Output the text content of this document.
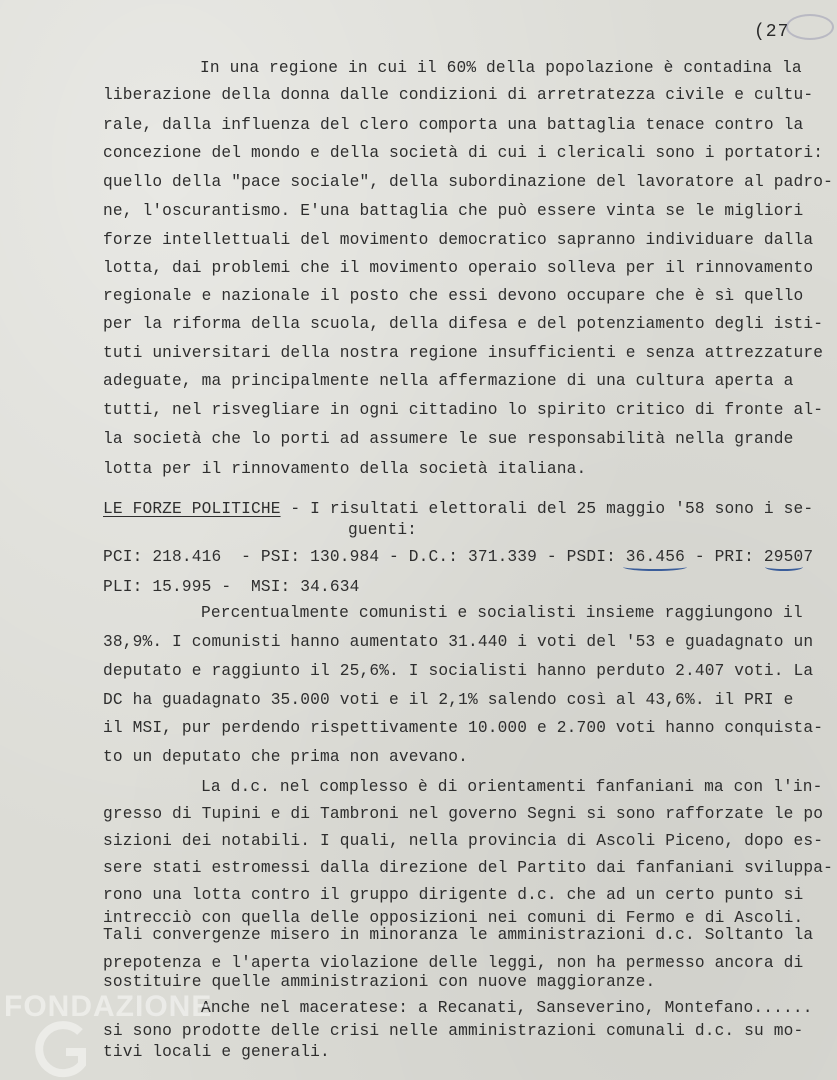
(27
In una regione in cui il 60% della popolazione è contadina la
liberazione della donna dalle condizioni di arretratezza civile e cultu-
rale, dalla influenza del clero comporta una battaglia tenace contro la
concezione del mondo e della società di cui i clericali sono i portatori:
quello della "pace sociale", della subordinazione del lavoratore al padro-
ne, l'oscurantismo. E'una battaglia che può essere vinta se le migliori
forze intellettuali del movimento democratico sapranno individuare dalla
lotta, dai problemi che il movimento operaio solleva per il rinnovamento
regionale e nazionale il posto che essi devono occupare che è sì quello
per la riforma della scuola, della difesa e del potenziamento degli isti-
tuti universitari della nostra regione insufficienti e senza attrezzature
adeguate, ma principalmente nella affermazione di una cultura aperta a
tutti, nel risvegliare in ogni cittadino lo spirito critico di fronte al-
la società che lo porti ad assumere le sue responsabilità nella grande
lotta per il rinnovamento della società italiana.
LE FORZE POLITICHE - I risultati elettorali del 25 maggio '58 sono i se-
guenti:
PCI: 218.416  - PSI: 130.984 - D.C.: 371.339 - PSDI: 36.456 - PRI: 29507
PLI: 15.995 -  MSI: 34.634
Percentualmente comunisti e socialisti insieme raggiungono il
38,9%. I comunisti hanno aumentato 31.440 i voti del '53 e guadagnato un
deputato e raggiunto il 25,6%. I socialisti hanno perduto 2.407 voti. La
DC ha guadagnato 35.000 voti e il 2,1% salendo così al 43,6%. il PRI e
il MSI, pur perdendo rispettivamente 10.000 e 2.700 voti hanno conquista-
to un deputato che prima non avevano.
La d.c. nel complesso è di orientamenti fanfaniani ma con l'in-
gresso di Tupini e di Tambroni nel governo Segni si sono rafforzate le po
sizioni dei notabili. I quali, nella provincia di Ascoli Piceno, dopo es-
sere stati estromessi dalla direzione del Partito dai fanfaniani sviluppa-
rono una lotta contro il gruppo dirigente d.c. che ad un certo punto si
intrecciò con quella delle opposizioni nei comuni di Fermo e di Ascoli.
Tali convergenze misero in minoranza le amministrazioni d.c. Soltanto la
prepotenza e l'aperta violazione delle leggi, non ha permesso ancora di
sostituire quelle amministrazioni con nuove maggioranze.
Anche nel maceratese: a Recanati, Sanseverino, Montefano......
si sono prodotte delle crisi nelle amministrazioni comunali d.c. su mo-
tivi locali e generali.
FONDAZIONE
